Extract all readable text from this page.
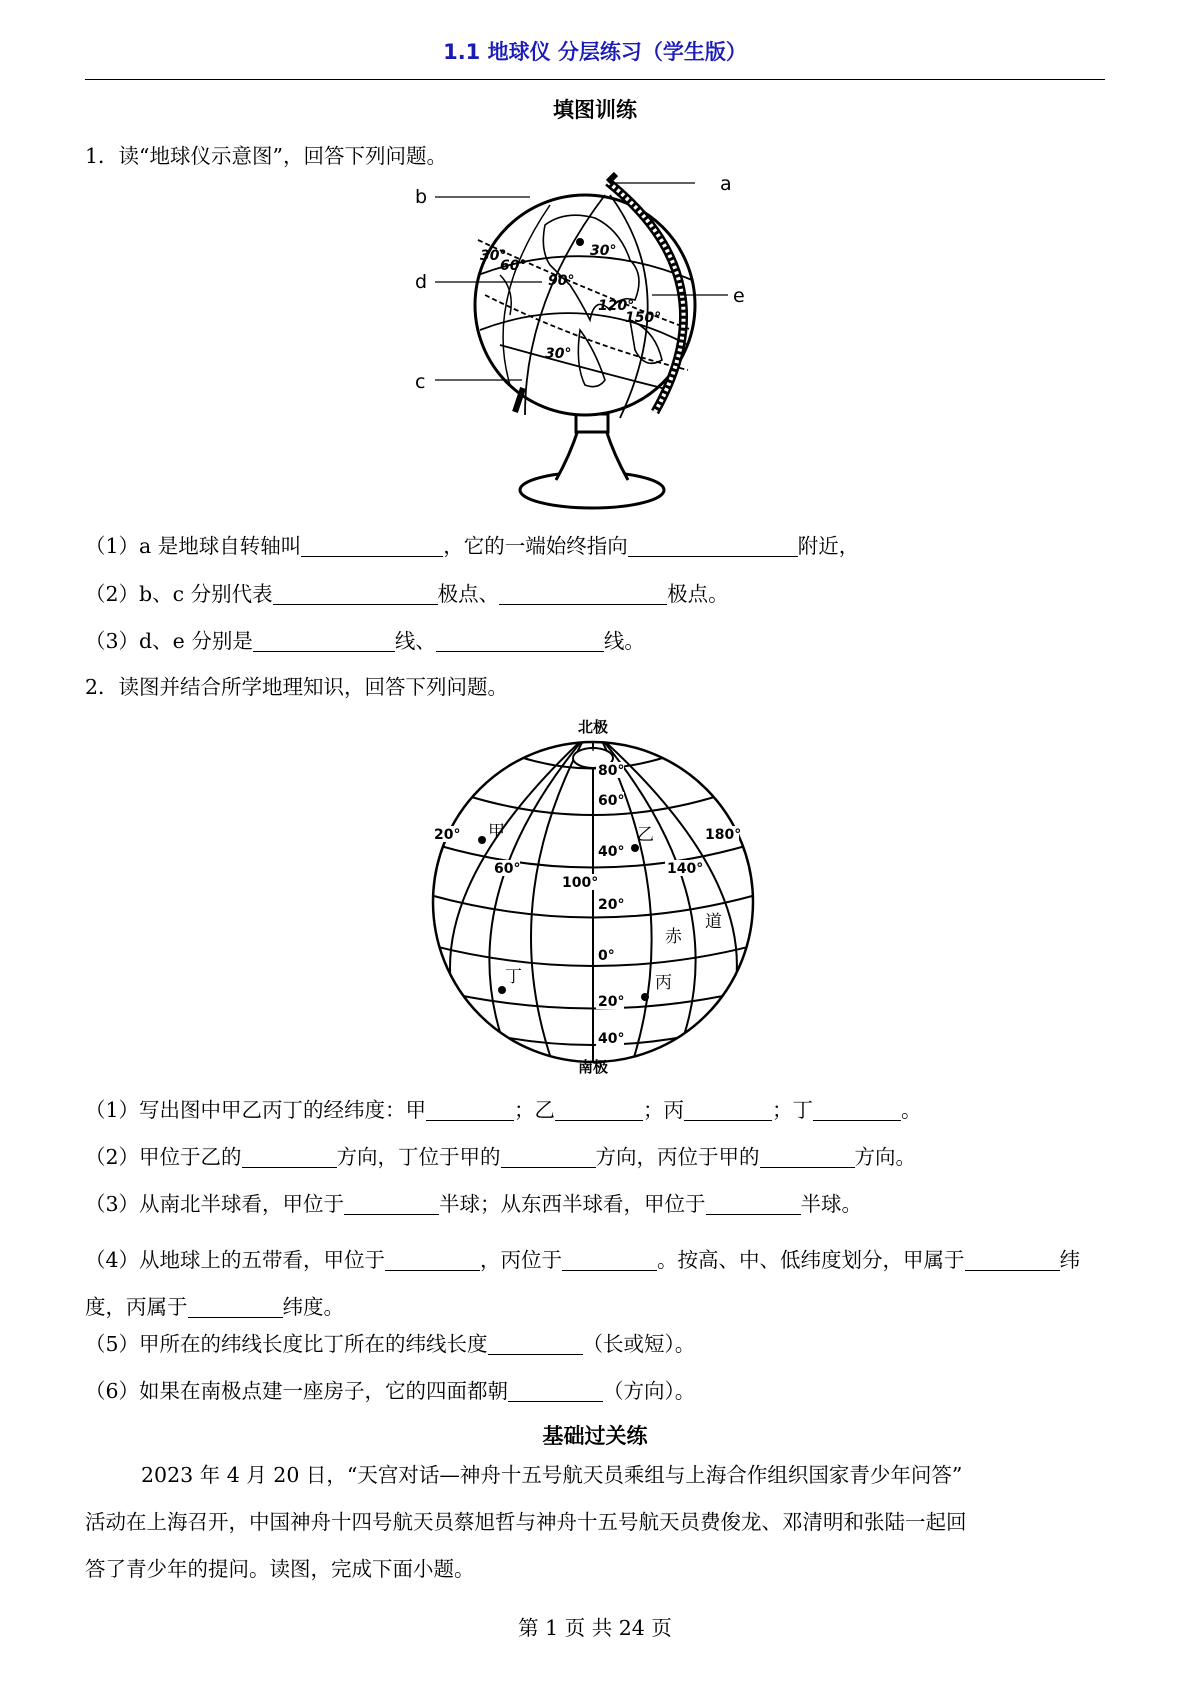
1.1 地球仪 分层练习（学生版）
填图训练
1．读“地球仪示意图”，回答下列问题。
30°
60°
30°
90°
150°
120°
30°
a
b
c
d
e
（1）a 是地球自转轴叫	，它的一端始终指向	附近，
（2）b、c 分别代表	极点、	极点。
（3）d、e 分别是	线、	线。
2．读图并结合所学地理知识，回答下列问题。
+
北极
南极
80°
60°
40°
20°
0°
20°
40°
20°
60°
100°
140°
180°
甲	乙
丙
丁
赤
道
（1）写出图中甲乙丙丁的经纬度：甲	；乙	；丙	；丁	。
（2）甲位于乙的	方向，丁位于甲的	方向，丙位于甲的	方向。
（3）从南北半球看，甲位于	半球；从东西半球看，甲位于	半球。
（4）从地球上的五带看，甲位于	，丙位于	。按高、中、低纬度划分，甲属于	纬度，丙属于	纬度。
（5）甲所在的纬线长度比丁所在的纬线长度	（长或短）。
（6）如果在南极点建一座房子，它的四面都朝	（方向）。
基础过关练
2023 年 4 月 20 日，“天宫对话—神舟十五号航天员乘组与上海合作组织国家青少年问答”
活动在上海召开，中国神舟十四号航天员蔡旭哲与神舟十五号航天员费俊龙、邓清明和张陆一起回
答了青少年的提问。读图，完成下面小题。
第 1 页 共 24 页
